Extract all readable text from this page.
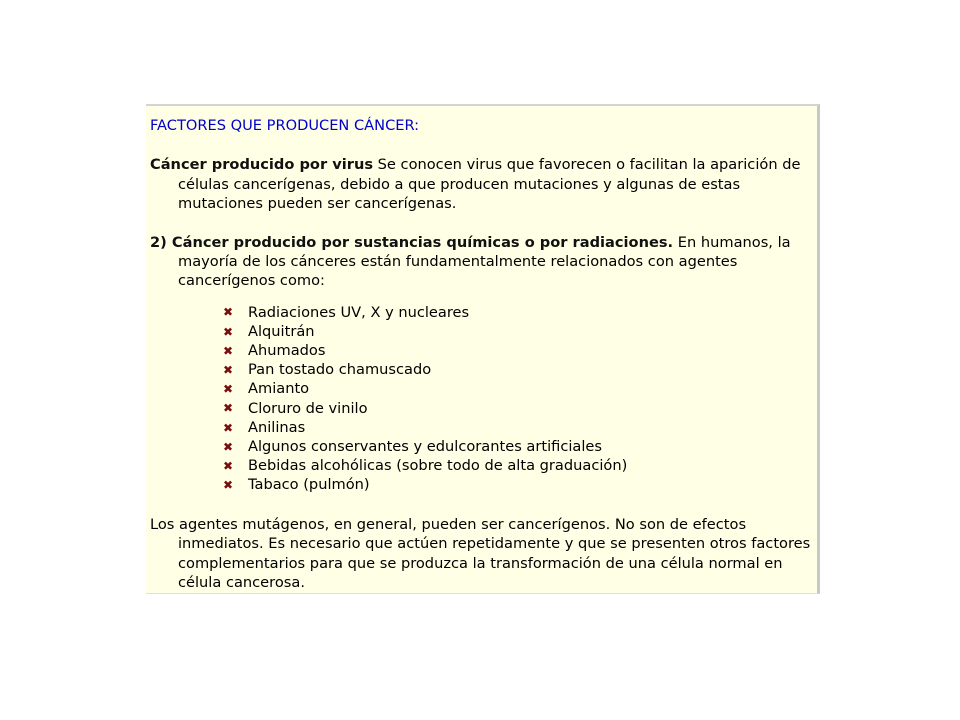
FACTORES QUE PRODUCEN CÁNCER:

Cáncer producido por virus Se conocen virus que favorecen o facilitan la aparición de células cancerígenas, debido a que producen mutaciones y algunas de estas mutaciones pueden ser cancerígenas.

2) Cáncer producido por sustancias químicas o por radiaciones. En humanos, la mayoría de los cánceres están fundamentalmente relacionados con agentes cancerígenos como:

✖ Radiaciones UV, X y nucleares
✖ Alquitrán
✖ Ahumados
✖ Pan tostado chamuscado
✖ Amianto
✖ Cloruro de vinilo
✖ Anilinas
✖ Algunos conservantes y edulcorantes artificiales
✖ Bebidas alcohólicas (sobre todo de alta graduación)
✖ Tabaco (pulmón)

Los agentes mutágenos, en general, pueden ser cancerígenos. No son de efectos inmediatos. Es necesario que actúen repetidamente y que se presenten otros factores complementarios para que se produzca la transformación de una célula normal en célula cancerosa.
